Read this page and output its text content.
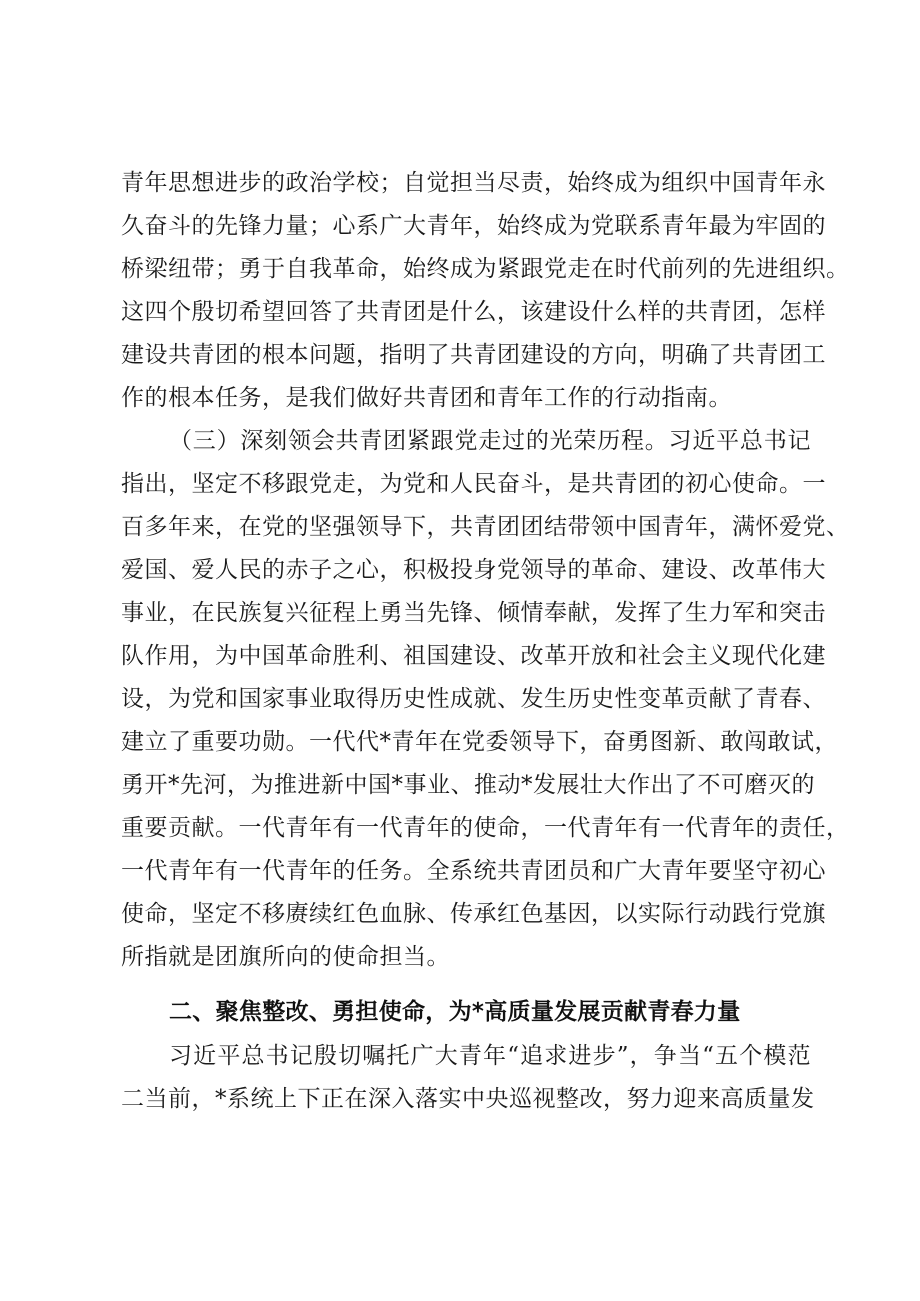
青年思想进步的政治学校；自觉担当尽责，始终成为组织中国青年永
久奋斗的先锋力量；心系广大青年，始终成为党联系青年最为牢固的
桥梁纽带；勇于自我革命，始终成为紧跟党走在时代前列的先进组织。
这四个殷切希望回答了共青团是什么，该建设什么样的共青团，怎样
建设共青团的根本问题，指明了共青团建设的方向，明确了共青团工
作的根本任务，是我们做好共青团和青年工作的行动指南。
（三）深刻领会共青团紧跟党走过的光荣历程。习近平总书记
指出，坚定不移跟党走，为党和人民奋斗，是共青团的初心使命。一
百多年来，在党的坚强领导下，共青团团结带领中国青年，满怀爱党、
爱国、爱人民的赤子之心，积极投身党领导的革命、建设、改革伟大
事业，在民族复兴征程上勇当先锋、倾情奉献，发挥了生力军和突击
队作用，为中国革命胜利、祖国建设、改革开放和社会主义现代化建
设，为党和国家事业取得历史性成就、发生历史性变革贡献了青春、
建立了重要功勋。一代代*青年在党委领导下，奋勇图新、敢闯敢试，
勇开*先河，为推进新中国*事业、推动*发展壮大作出了不可磨灭的
重要贡献。一代青年有一代青年的使命，一代青年有一代青年的责任，
一代青年有一代青年的任务。全系统共青团员和广大青年要坚守初心
使命，坚定不移赓续红色血脉、传承红色基因，以实际行动践行党旗
所指就是团旗所向的使命担当。
二、聚焦整改、勇担使命，为*高质量发展贡献青春力量
习近平总书记殷切嘱托广大青年“追求进步”，争当“五个模范
二当前，*系统上下正在深入落实中央巡视整改，努力迎来高质量发
